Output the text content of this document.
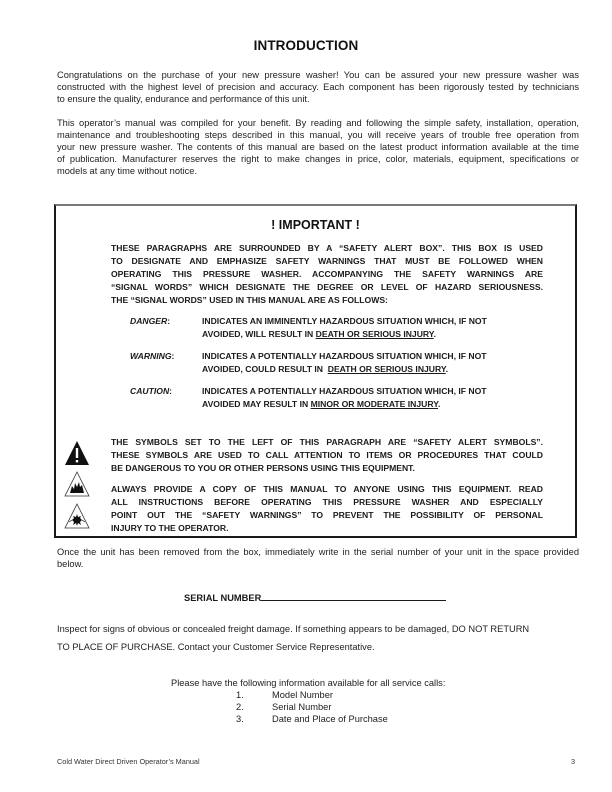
INTRODUCTION
Congratulations on the purchase of your new pressure washer! You can be assured your new pressure washer was
constructed with the highest level of precision and accuracy. Each component has been rigorously tested by technicians
to ensure the quality, endurance and performance of this unit.
This operator’s manual was compiled for your benefit. By reading and following the simple safety, installation, operation,
maintenance and troubleshooting steps described in this manual, you will receive years of trouble free operation from
your new pressure washer. The contents of this manual are based on the latest product information available at the time
of publication. Manufacturer reserves the right to make changes in price, color, materials, equipment, specifications or
models at any time without notice.
! IMPORTANT !
THESE PARAGRAPHS ARE SURROUNDED BY A “SAFETY ALERT BOX”. THIS BOX IS USED
TO DESIGNATE AND EMPHASIZE SAFETY WARNINGS THAT MUST BE FOLLOWED WHEN
OPERATING THIS PRESSURE WASHER. ACCOMPANYING THE SAFETY WARNINGS ARE
“SIGNAL WORDS” WHICH DESIGNATE THE DEGREE OR LEVEL OF HAZARD SERIOUSNESS.
THE “SIGNAL WORDS” USED IN THIS MANUAL ARE AS FOLLOWS:
DANGER:	INDICATES AN IMMINENTLY HAZARDOUS SITUATION WHICH, IF NOT
AVOIDED, WILL RESULT IN DEATH OR SERIOUS INJURY.
WARNING:	INDICATES A POTENTIALLY HAZARDOUS SITUATION WHICH, IF NOT
AVOIDED, COULD RESULT IN  DEATH OR SERIOUS INJURY.
CAUTION:	INDICATES A POTENTIALLY HAZARDOUS SITUATION WHICH, IF NOT
AVOIDED MAY RESULT IN MINOR OR MODERATE INJURY.
THE SYMBOLS SET TO THE LEFT OF THIS PARAGRAPH ARE “SAFETY ALERT SYMBOLS”.
THESE SYMBOLS ARE USED TO CALL ATTENTION TO ITEMS OR PROCEDURES THAT COULD
BE DANGEROUS TO YOU OR OTHER PERSONS USING THIS EQUIPMENT.
ALWAYS PROVIDE A COPY OF THIS MANUAL TO ANYONE USING THIS EQUIPMENT. READ
ALL INSTRUCTIONS BEFORE OPERATING THIS PRESSURE WASHER AND ESPECIALLY
POINT OUT THE “SAFETY WARNINGS” TO PREVENT THE POSSIBILITY OF PERSONAL
INJURY TO THE OPERATOR.
Once the unit has been removed from the box, immediately write in the serial number of your unit in the space provided
below.
SERIAL NUMBER
Inspect for signs of obvious or concealed freight damage. If something appears to be damaged, DO NOT RETURN
TO PLACE OF PURCHASE. Contact your Customer Service Representative.
Please have the following information available for all service calls:
1.	Model Number
2.	Serial Number
3.	Date and Place of Purchase
Cold Water Direct Driven Operator’s Manual	3
